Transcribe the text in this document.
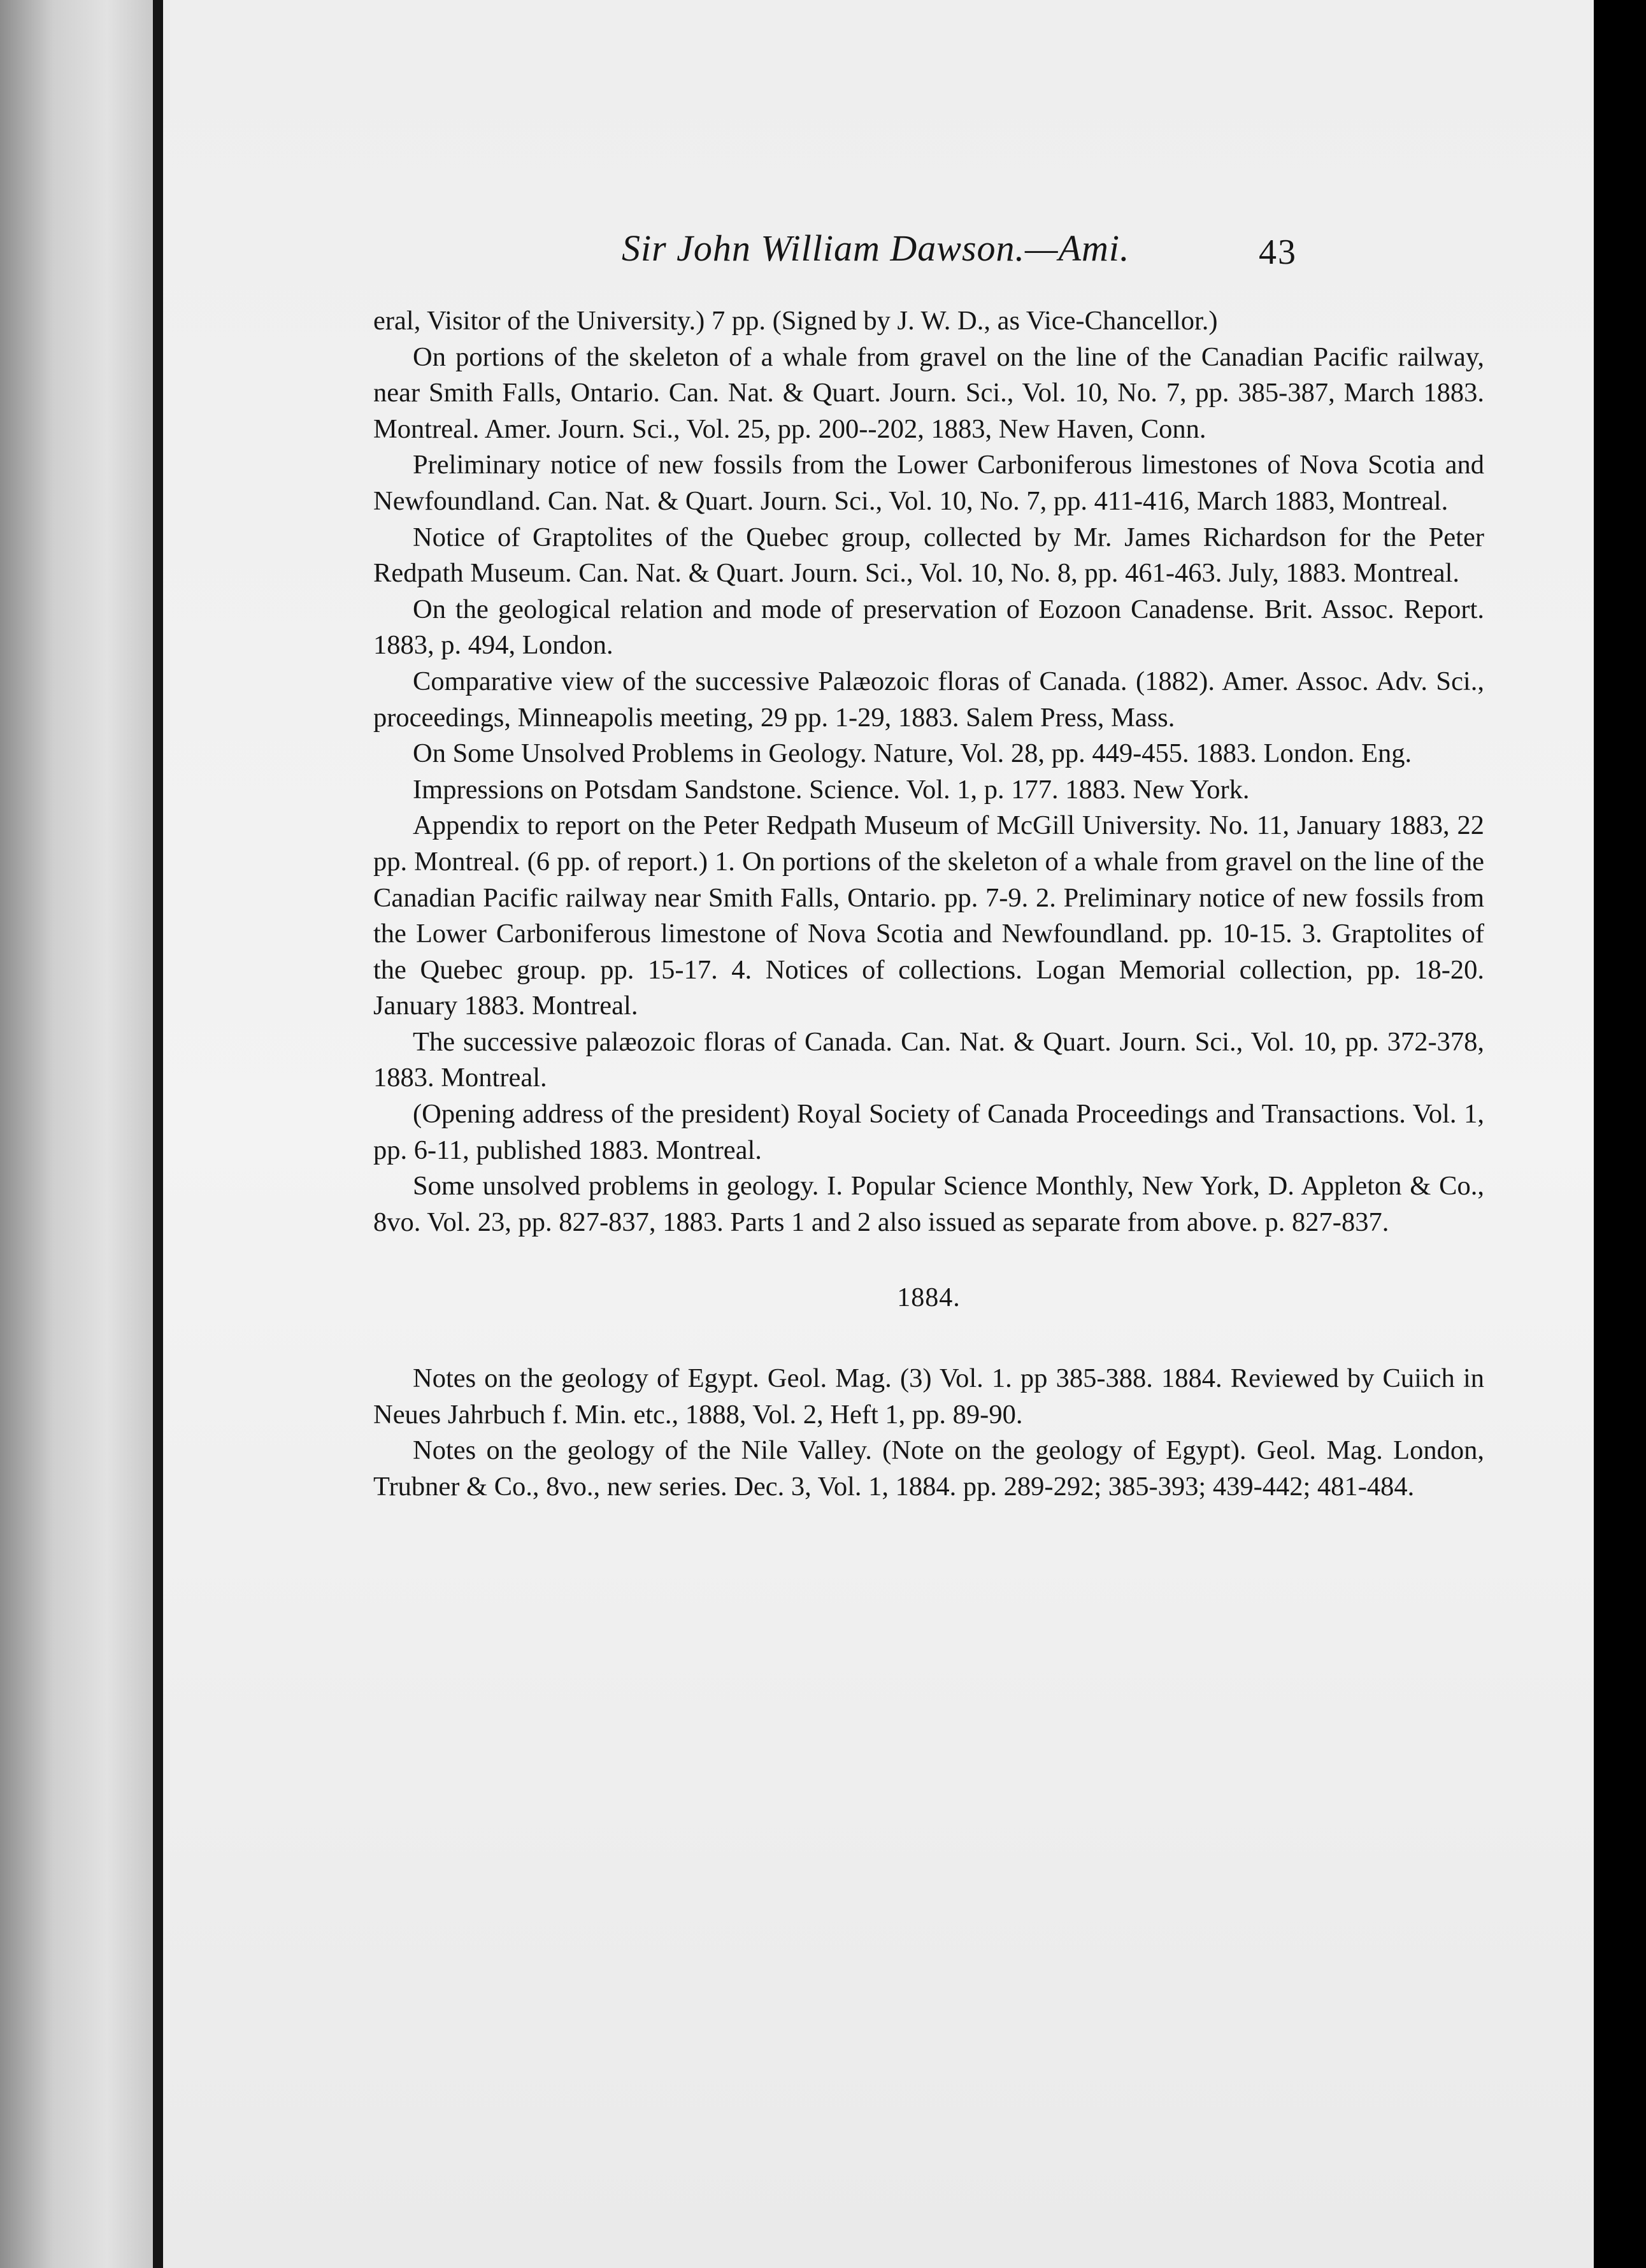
Sir John William Dawson.—Ami.	43

eral, Visitor of the University.) 7 pp. (Signed by J. W. D., as Vice-Chancellor.)

On portions of the skeleton of a whale from gravel on the line of the Canadian Pacific railway, near Smith Falls, Ontario. Can. Nat. & Quart. Journ. Sci., Vol. 10, No. 7, pp. 385-387, March 1883. Montreal. Amer. Journ. Sci., Vol. 25, pp. 200--202, 1883, New Haven, Conn.

Preliminary notice of new fossils from the Lower Carboniferous limestones of Nova Scotia and Newfoundland. Can. Nat. & Quart. Journ. Sci., Vol. 10, No. 7, pp. 411-416, March 1883, Montreal.

Notice of Graptolites of the Quebec group, collected by Mr. James Richardson for the Peter Redpath Museum. Can. Nat. & Quart. Journ. Sci., Vol. 10, No. 8, pp. 461-463. July, 1883. Montreal.

On the geological relation and mode of preservation of Eozoon Canadense. Brit. Assoc. Report. 1883, p. 494, London.

Comparative view of the successive Palæozoic floras of Canada. (1882). Amer. Assoc. Adv. Sci., proceedings, Minneapolis meeting, 29 pp. 1-29, 1883. Salem Press, Mass.

On Some Unsolved Problems in Geology. Nature, Vol. 28, pp. 449-455. 1883. London. Eng.

Impressions on Potsdam Sandstone. Science. Vol. 1, p. 177. 1883. New York.

Appendix to report on the Peter Redpath Museum of McGill University. No. 11, January 1883, 22 pp. Montreal. (6 pp. of report.) 1. On portions of the skeleton of a whale from gravel on the line of the Canadian Pacific railway near Smith Falls, Ontario. pp. 7-9. 2. Preliminary notice of new fossils from the Lower Carboniferous limestone of Nova Scotia and Newfoundland. pp. 10-15. 3. Graptolites of the Quebec group. pp. 15-17. 4. Notices of collections. Logan Memorial collection, pp. 18-20. January 1883. Montreal.

The successive palæozoic floras of Canada. Can. Nat. & Quart. Journ. Sci., Vol. 10, pp. 372-378, 1883. Montreal.

(Opening address of the president) Royal Society of Canada Proceedings and Transactions. Vol. 1, pp. 6-11, published 1883. Montreal.

Some unsolved problems in geology. I. Popular Science Monthly, New York, D. Appleton & Co., 8vo. Vol. 23, pp. 827-837, 1883. Parts 1 and 2 also issued as separate from above. p. 827-837.

1884.

Notes on the geology of Egypt. Geol. Mag. (3) Vol. 1. pp 385-388. 1884. Reviewed by Cuiich in Neues Jahrbuch f. Min. etc., 1888, Vol. 2, Heft 1, pp. 89-90.

Notes on the geology of the Nile Valley. (Note on the geology of Egypt). Geol. Mag. London, Trubner & Co., 8vo., new series. Dec. 3, Vol. 1, 1884. pp. 289-292; 385-393; 439-442; 481-484.
